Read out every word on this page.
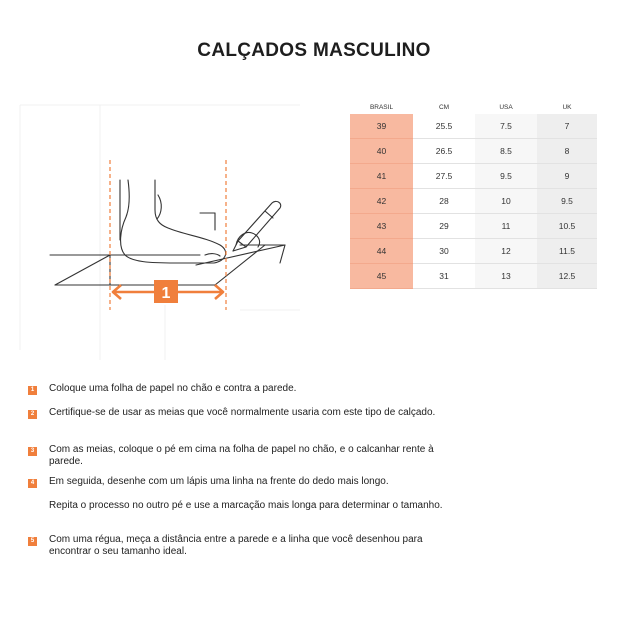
CALÇADOS MASCULINO
1
BRASIL	CM	USA	UK
39	25.5	7.5	7
40	26.5	8.5	8
41	27.5	9.5	9
42	28	10	9.5
43	29	11	10.5
44	30	12	11.5
45	31	13	12.5
1 Coloque uma folha de papel no chão e contra a parede.
2 Certifique-se de usar as meias que você normalmente usaria com este tipo de calçado.
3 Com as meias, coloque o pé em cima na folha de papel no chão, e o calcanhar rente à parede.
4 Em seguida, desenhe com um lápis uma linha na frente do dedo mais longo.
Repita o processo no outro pé e use a marcação mais longa para determinar o tamanho.
5 Com uma régua, meça a distância entre a parede e a linha que você desenhou para encontrar o seu tamanho ideal.
